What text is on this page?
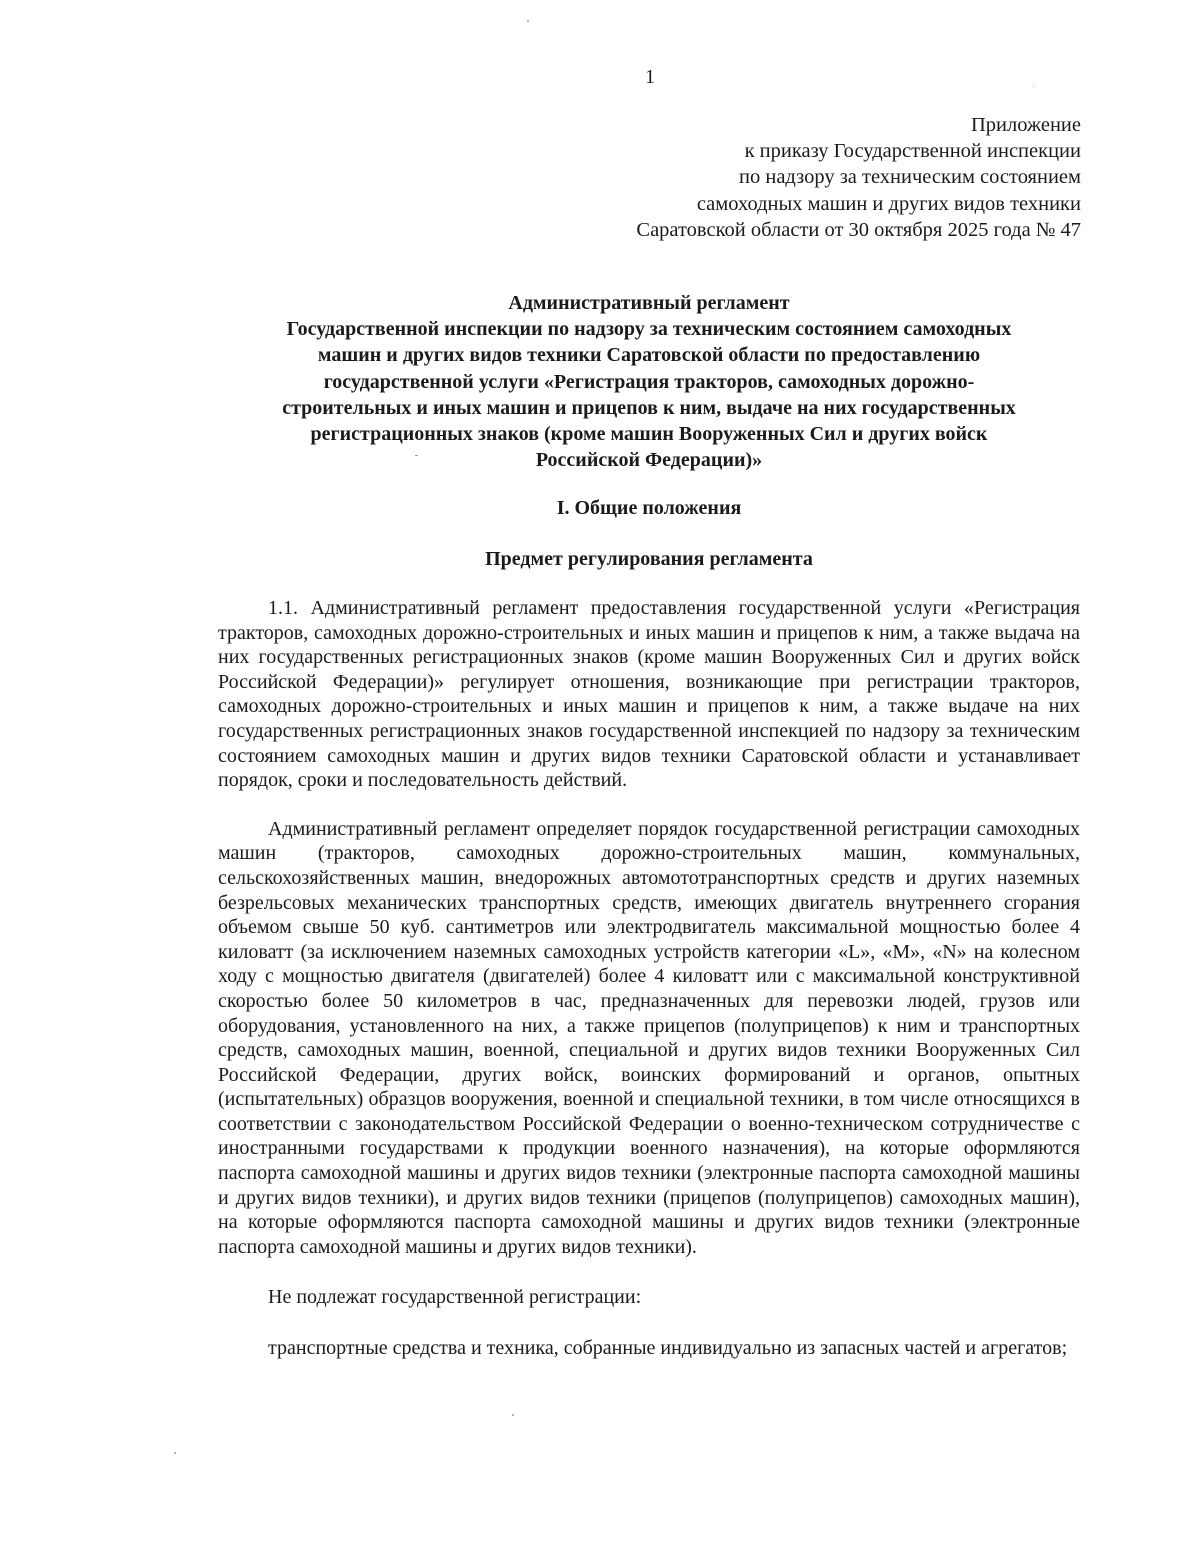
1
Приложение
к приказу Государственной инспекции
по надзору за техническим состоянием
самоходных машин и других видов техники
Саратовской области от 30 октября 2025 года № 47
Административный регламент
Государственной инспекции по надзору за техническим состоянием самоходных
машин и других видов техники Саратовской области по предоставлению
государственной услуги «Регистрация тракторов, самоходных дорожно-
строительных и иных машин и прицепов к ним, выдаче на них государственных
регистрационных знаков (кроме машин Вооруженных Сил и других войск
Российской Федерации)»
I. Общие положения
Предмет регулирования регламента

1.1. Административный регламент предоставления государственной услуги «Регистрация тракторов, самоходных дорожно-строительных и иных машин и прицепов к ним, а также выдача на них государственных регистрационных знаков (кроме машин Вооруженных Сил и других войск Российской Федерации)» регулирует отношения, возникающие при регистрации тракторов, самоходных дорожно-строительных и иных машин и прицепов к ним, а также выдаче на них государственных регистрационных знаков государственной инспекцией по надзору за техническим состоянием самоходных машин и других видов техники Саратовской области и устанавливает порядок, сроки и последовательность действий.

Административный регламент определяет порядок государственной регистрации самоходных машин (тракторов, самоходных дорожно-строительных машин, коммунальных, сельскохозяйственных машин, внедорожных автомототранспортных средств и других наземных безрельсовых механических транспортных средств, имеющих двигатель внутреннего сгорания объемом свыше 50 куб. сантиметров или электродвигатель максимальной мощностью более 4 киловатт (за исключением наземных самоходных устройств категории «L», «M», «N» на колесном ходу с мощностью двигателя (двигателей) более 4 киловатт или с максимальной конструктивной скоростью более 50 километров в час, предназначенных для перевозки людей, грузов или оборудования, установленного на них, а также прицепов (полуприцепов) к ним и транспортных средств, самоходных машин, военной, специальной и других видов техники Вооруженных Сил Российской Федерации, других войск, воинских формирований и органов, опытных (испытательных) образцов вооружения, военной и специальной техники, в том числе относящихся в соответствии с законодательством Российской Федерации о военно-техническом сотрудничестве с иностранными государствами к продукции военного назначения), на которые оформляются паспорта самоходной машины и других видов техники (электронные паспорта самоходной машины и других видов техники), и других видов техники (прицепов (полуприцепов) самоходных машин), на которые оформляются паспорта самоходной машины и других видов техники (электронные паспорта самоходной машины и других видов техники).

Не подлежат государственной регистрации:

транспортные средства и техника, собранные индивидуально из запасных частей и агрегатов;
